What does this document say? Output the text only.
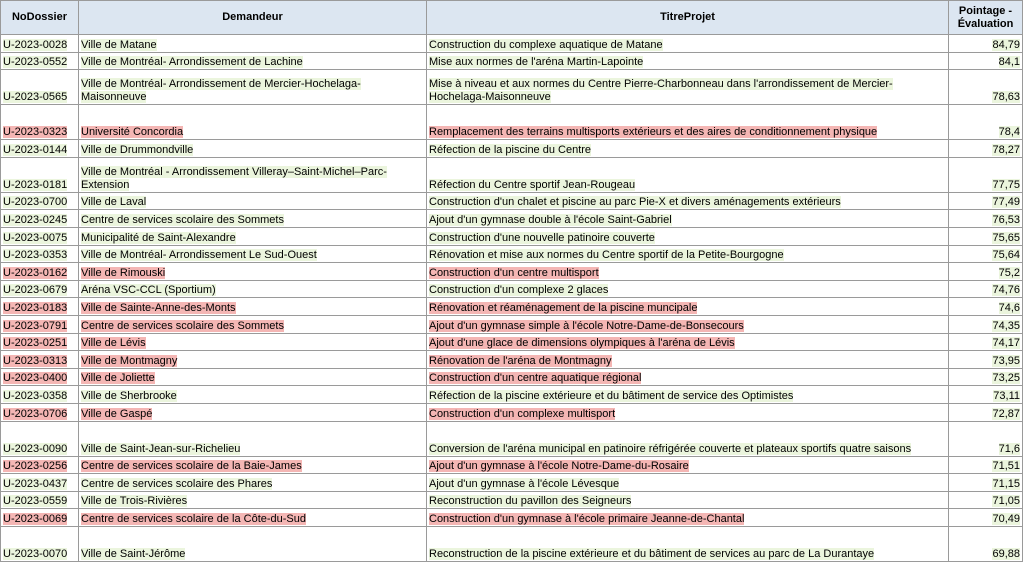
NoDossier	Demandeur	TitreProjet	Pointage - Évaluation
U-2023-0028	Ville de Matane	Construction du complexe aquatique de Matane	84,79
U-2023-0552	Ville de Montréal- Arrondissement de Lachine	Mise aux normes de l'aréna Martin-Lapointe	84,1
U-2023-0565	Ville de Montréal- Arrondissement de Mercier-Hochelaga-Maisonneuve	Mise à niveau et aux normes du Centre Pierre-Charbonneau dans l'arrondissement de Mercier-Hochelaga-Maisonneuve	78,63
U-2023-0323	Université Concordia	Remplacement des terrains multisports extérieurs et des aires de conditionnement physique	78,4
U-2023-0144	Ville de Drummondville	Réfection de la piscine du Centre	78,27
U-2023-0181	Ville de Montréal - Arrondissement Villeray–Saint-Michel–Parc-Extension	Réfection du Centre sportif Jean-Rougeau	77,75
U-2023-0700	Ville de Laval	Construction d'un chalet et piscine au parc Pie-X et divers aménagements extérieurs	77,49
U-2023-0245	Centre de services scolaire des Sommets	Ajout d'un gymnase double à l'école Saint-Gabriel	76,53
U-2023-0075	Municipalité de Saint-Alexandre	Construction d'une nouvelle patinoire couverte	75,65
U-2023-0353	Ville de Montréal- Arrondissement Le Sud-Ouest	Rénovation et mise aux normes du Centre sportif de la Petite-Bourgogne	75,64
U-2023-0162	Ville de Rimouski	Construction d'un centre multisport	75,2
U-2023-0679	Aréna VSC-CCL (Sportium)	Construction d'un complexe 2 glaces	74,76
U-2023-0183	Ville de Sainte-Anne-des-Monts	Rénovation et réaménagement de la piscine muncipale	74,6
U-2023-0791	Centre de services scolaire des Sommets	Ajout d'un gymnase simple à l'école Notre-Dame-de-Bonsecours	74,35
U-2023-0251	Ville de Lévis	Ajout d'une glace de dimensions olympiques à l'aréna de Lévis	74,17
U-2023-0313	Ville de Montmagny	Rénovation de l'aréna de Montmagny	73,95
U-2023-0400	Ville de Joliette	Construction d'un centre aquatique régional	73,25
U-2023-0358	Ville de Sherbrooke	Réfection de la piscine extérieure et du bâtiment de service des Optimistes	73,11
U-2023-0706	Ville de Gaspé	Construction d'un complexe multisport	72,87
U-2023-0090	Ville de Saint-Jean-sur-Richelieu	Conversion de l'aréna municipal en patinoire réfrigérée couverte et plateaux sportifs quatre saisons	71,6
U-2023-0256	Centre de services scolaire de la Baie-James	Ajout d'un gymnase à l'école Notre-Dame-du-Rosaire	71,51
U-2023-0437	Centre de services scolaire des Phares	Ajout d'un gymnase à l'école Lévesque	71,15
U-2023-0559	Ville de Trois-Rivières	Reconstruction du pavillon des Seigneurs	71,05
U-2023-0069	Centre de services scolaire de la Côte-du-Sud	Construction d'un gymnase à l'école primaire Jeanne-de-Chantal	70,49
U-2023-0070	Ville de Saint-Jérôme	Reconstruction de la piscine extérieure et du bâtiment de services au parc de La Durantaye	69,88
